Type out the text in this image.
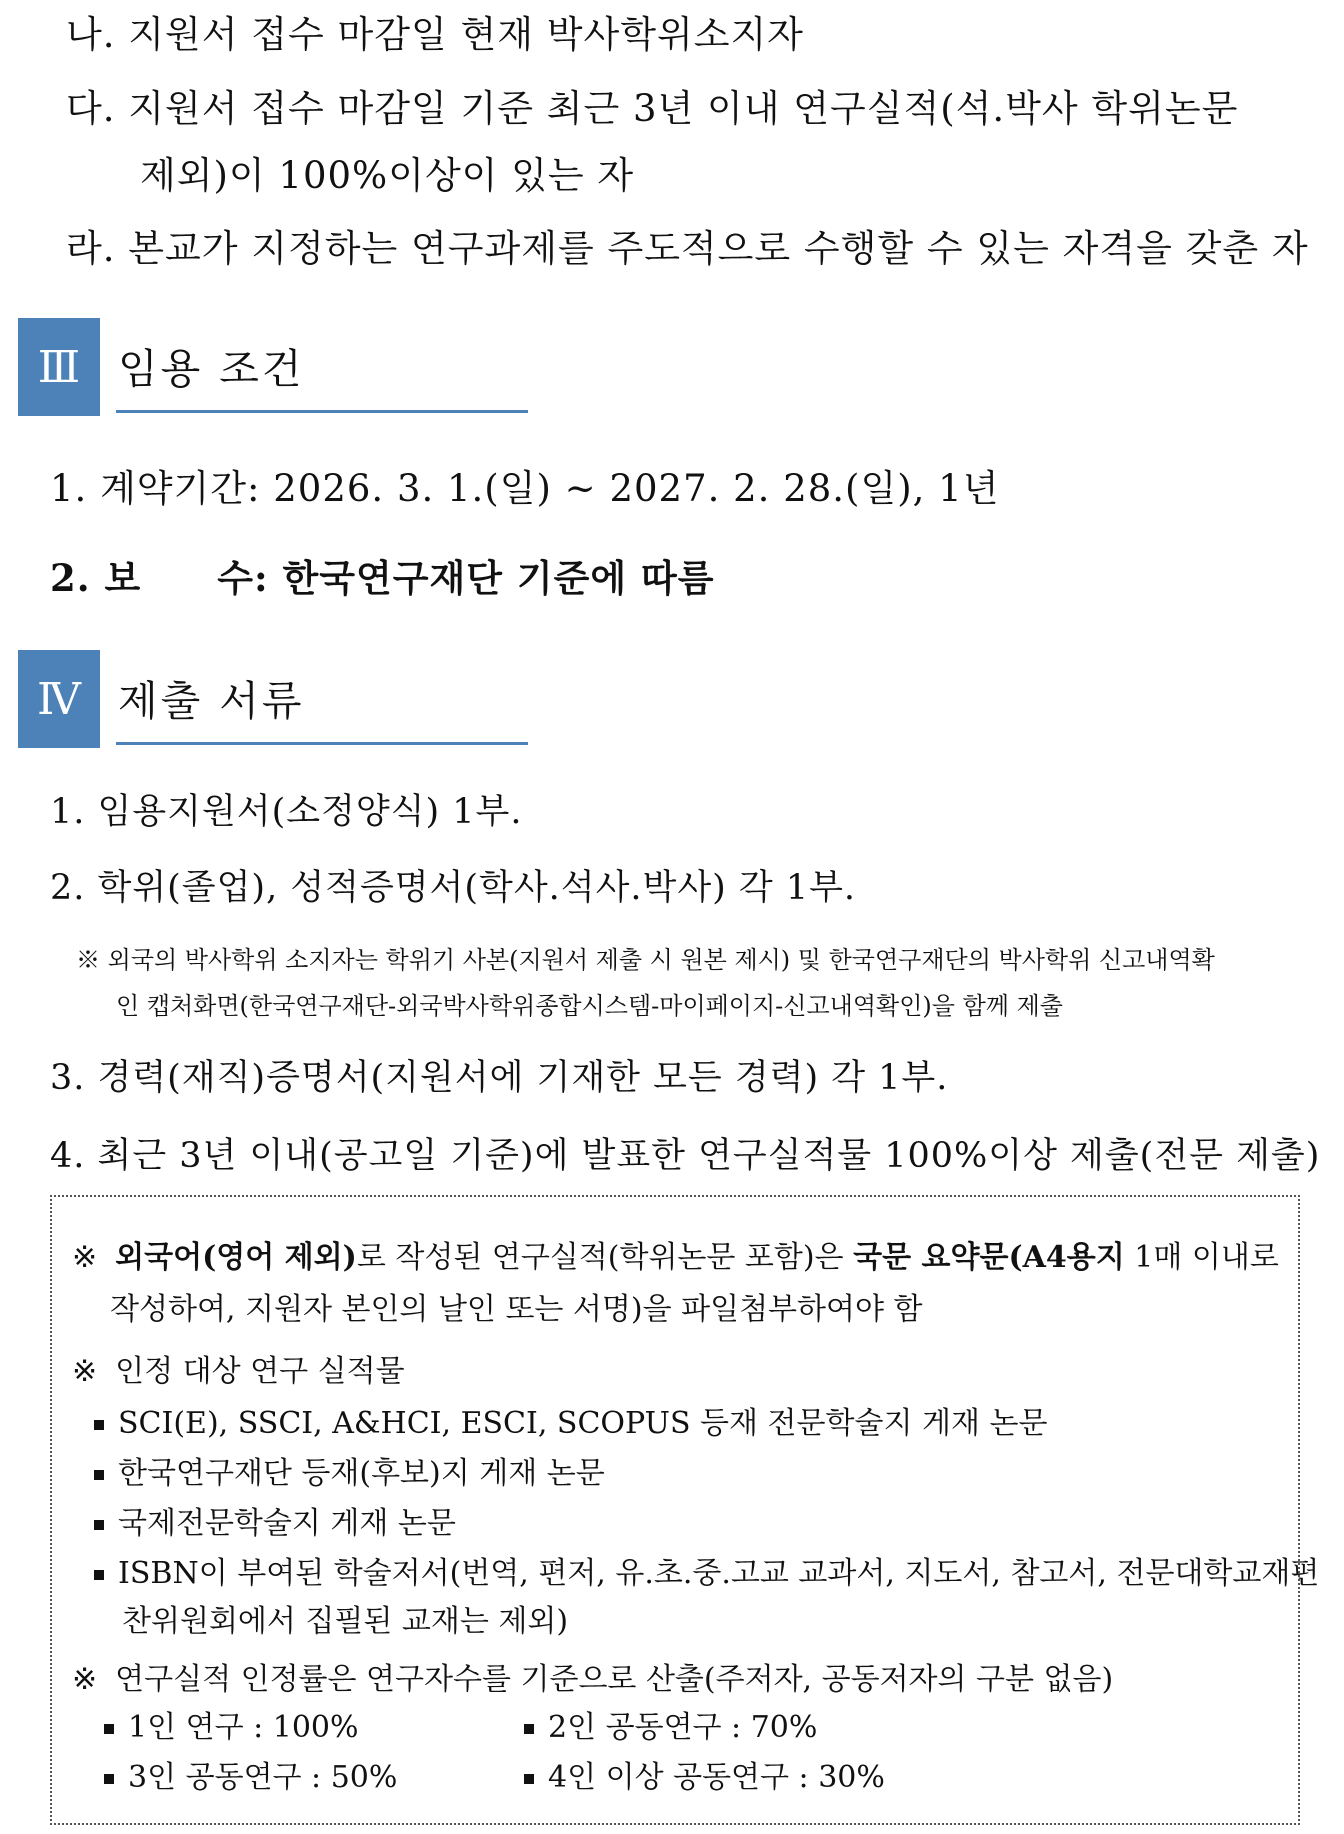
나. 지원서 접수 마감일 현재 박사학위소지자
다. 지원서 접수 마감일 기준 최근 3년 이내 연구실적(석.박사 학위논문
제외)이 100%이상이 있는 자
라. 본교가 지정하는 연구과제를 주도적으로 수행할 수 있는 자격을 갖춘 자
Ⅲ 임용 조건
1. 계약기간: 2026. 3. 1.(일) ~ 2027. 2. 28.(일), 1년
2. 보　　수: 한국연구재단 기준에 따름
Ⅳ 제출 서류
1. 임용지원서(소정양식) 1부.
2. 학위(졸업), 성적증명서(학사.석사.박사) 각 1부.
※ 외국의 박사학위 소지자는 학위기 사본(지원서 제출 시 원본 제시) 및 한국연구재단의 박사학위 신고내역확
인 캡처화면(한국연구재단-외국박사학위종합시스템-마이페이지-신고내역확인)을 함께 제출
3. 경력(재직)증명서(지원서에 기재한 모든 경력) 각 1부.
4. 최근 3년 이내(공고일 기준)에 발표한 연구실적물 100%이상 제출(전문 제출)
※ 외국어(영어 제외)로 작성된 연구실적(학위논문 포함)은 국문 요약문(A4용지 1매 이내로
작성하여, 지원자 본인의 날인 또는 서명)을 파일첨부하여야 함
※ 인정 대상 연구 실적물
SCI(E), SSCI, A&HCI, ESCI, SCOPUS 등재 전문학술지 게재 논문
한국연구재단 등재(후보)지 게재 논문
국제전문학술지 게재 논문
ISBN이 부여된 학술저서(번역, 편저, 유.초.중.고교 교과서, 지도서, 참고서, 전문대학교재편
찬위원회에서 집필된 교재는 제외)
※ 연구실적 인정률은 연구자수를 기준으로 산출(주저자, 공동저자의 구분 없음)
1인 연구 : 100%	2인 공동연구 : 70%
3인 공동연구 : 50%	4인 이상 공동연구 : 30%
